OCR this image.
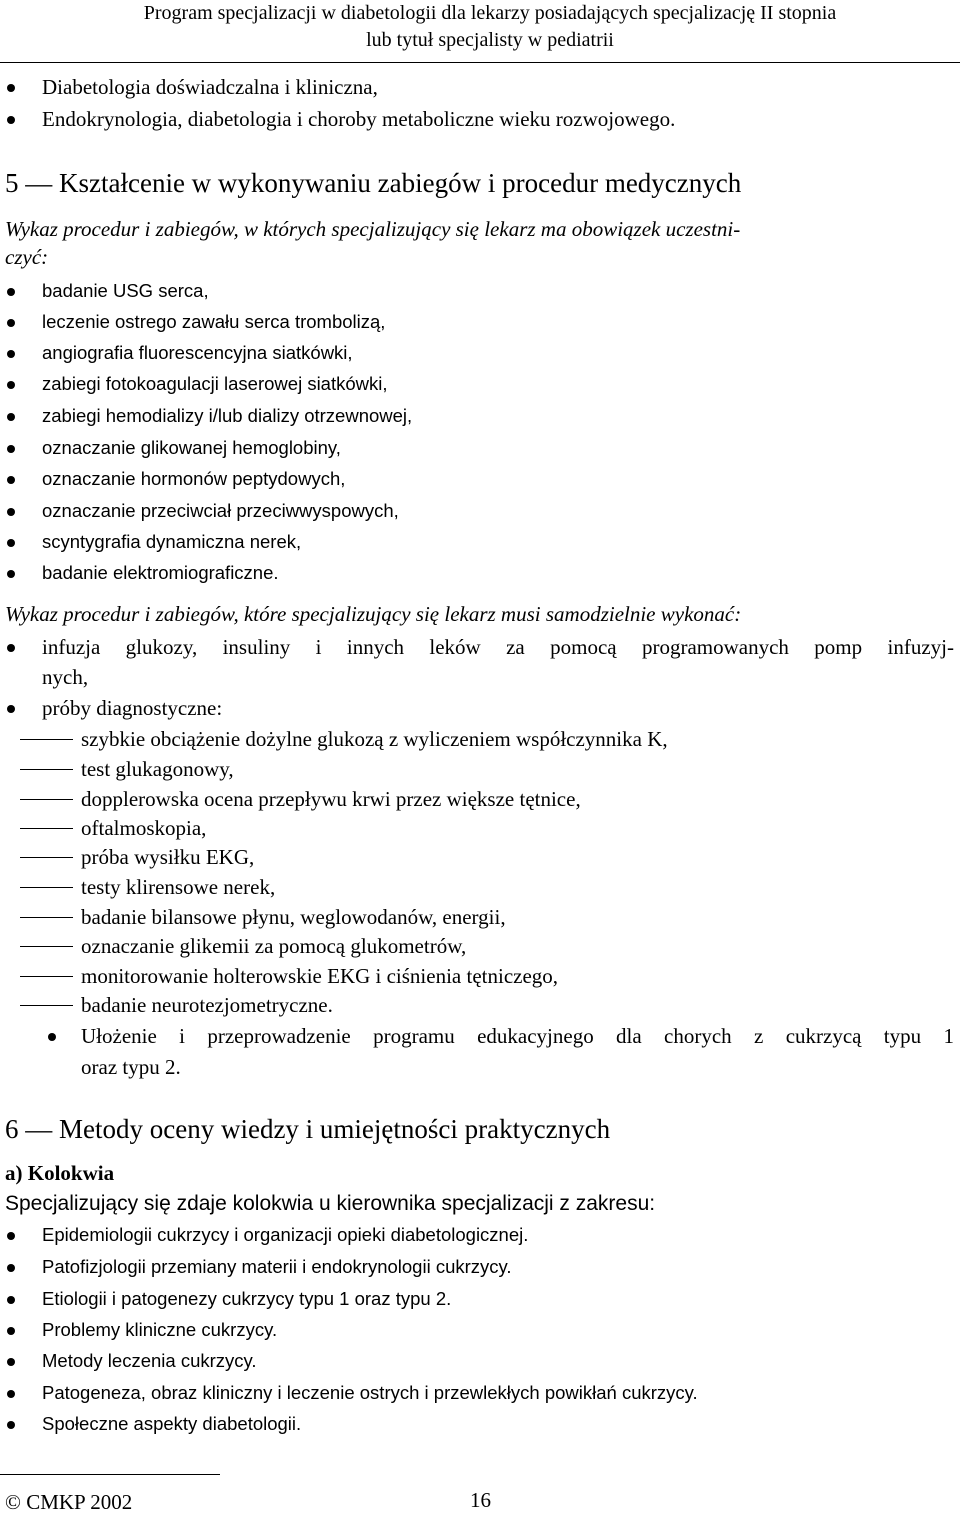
Program specjalizacji w diabetologii dla lekarzy posiadających specjalizację II stopnia
lub tytuł specjalisty w pediatrii
Diabetologia doświadczalna i kliniczna,
Endokrynologia, diabetologia i choroby metaboliczne wieku rozwojowego.
5 — Kształcenie w wykonywaniu zabiegów i procedur medycznych
Wykaz procedur i zabiegów, w których specjalizujący się lekarz ma obowiązek uczestni-
czyć:
badanie USG serca,
leczenie ostrego zawału serca trombolizą,
angiografia fluorescencyjna siatkówki,
zabiegi fotokoagulacji laserowej siatkówki,
zabiegi hemodializy i/lub dializy otrzewnowej,
oznaczanie glikowanej hemoglobiny,
oznaczanie hormonów peptydowych,
oznaczanie przeciwciał przeciwwyspowych,
scyntygrafia dynamiczna nerek,
badanie elektromiograficzne.
Wykaz procedur i zabiegów, które specjalizujący się lekarz musi samodzielnie wykonać:
infuzja glukozy, insuliny i innych leków za pomocą programowanych pomp infuzyj-
nych,
próby diagnostyczne:
szybkie obciążenie dożylne glukozą z wyliczeniem współczynnika K,
test glukagonowy,
dopplerowska ocena przepływu krwi przez większe tętnice,
oftalmoskopia,
próba wysiłku EKG,
testy klirensowe nerek,
badanie bilansowe płynu, weglowodanów, energii,
oznaczanie glikemii za pomocą glukometrów,
monitorowanie holterowskie EKG i ciśnienia tętniczego,
badanie neurotezjometryczne.
Ułożenie i przeprowadzenie programu edukacyjnego dla chorych z cukrzycą typu 1
oraz typu 2.
6 — Metody oceny wiedzy i umiejętności praktycznych
a) Kolokwia
Specjalizujący się zdaje kolokwia u kierownika specjalizacji z zakresu:
Epidemiologii cukrzycy i organizacji opieki diabetologicznej.
Patofizjologii przemiany materii i endokrynologii cukrzycy.
Etiologii i patogenezy cukrzycy typu 1 oraz typu 2.
Problemy kliniczne cukrzycy.
Metody leczenia cukrzycy.
Patogeneza, obraz kliniczny i leczenie ostrych i przewlekłych powikłań cukrzycy.
Społeczne aspekty diabetologii.
© CMKP 2002	16
